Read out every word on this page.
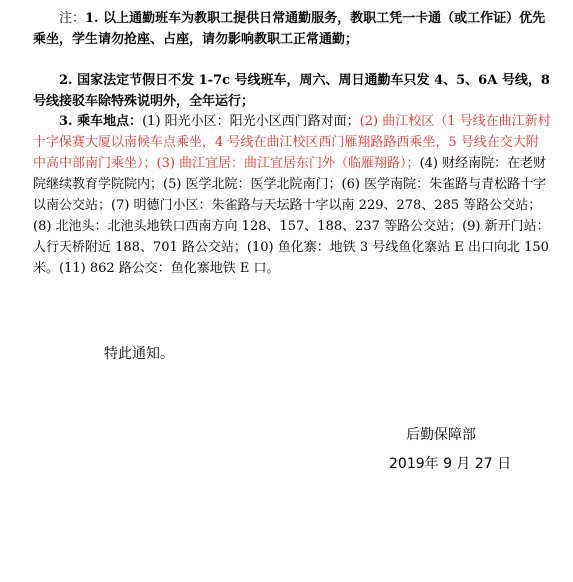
注：1. 以上通勤班车为教职工提供日常通勤服务，教职工凭一卡通（或工作证）优先乘坐，学生请勿抢座、占座，请勿影响教职工正常通勤；
2. 国家法定节假日不发 1-7c 号线班车，周六、周日通勤车只发 4、5、6A 号线，8 号线接驳车除特殊说明外，全年运行；
3. 乘车地点：(1) 阳光小区：阳光小区西门路对面；(2) 曲江校区（1 号线在曲江新村十字保赛大厦以南候车点乘坐，4 号线在曲江校区西门雁翔路路西乘坐，5 号线在交大附中高中部南门乘坐）；(3) 曲江宜居：曲江宜居东门外（临雁翔路）；(4) 财经南院：在老财院继续教育学院院内；(5) 医学北院：医学北院南门；(6) 医学南院：朱雀路与青松路十字以南公交站；(7) 明德门小区：朱雀路与天坛路十字以南 229、278、285 等路公交站；(8) 北池头：北池头地铁口西南方向 128、157、188、237 等路公交站；(9) 新开门站：人行天桥附近 188、701 路公交站；(10) 鱼化寨：地铁 3 号线鱼化寨站 E 出口向北 150 米。(11) 862 路公交：鱼化寨地铁 E 口。
特此通知。
后勤保障部
2019年 9 月 27 日
